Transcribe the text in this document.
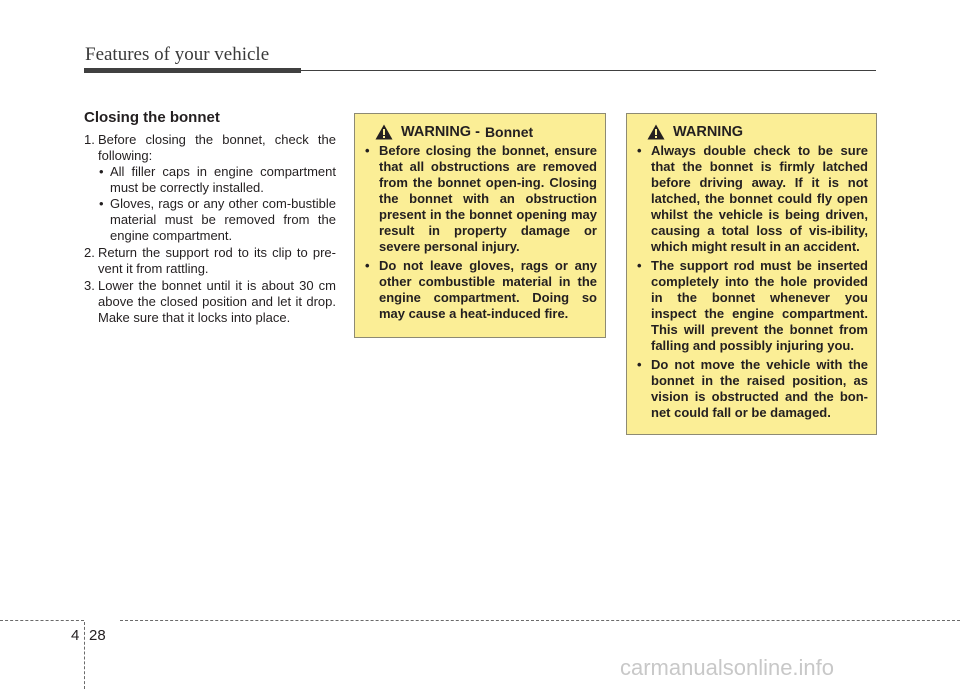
Features of your vehicle
Closing the bonnet
1. Before closing the bonnet, check the following:
• All filler caps in engine compartment must be correctly installed.
• Gloves, rags or any other com-bustible material must be removed from the engine compartment.
2. Return the support rod to its clip to pre-vent it from rattling.
3. Lower the bonnet until it is about 30 cm above the closed position and let it drop. Make sure that it locks into place.
WARNING - Bonnet
• Before closing the bonnet, ensure that all obstructions are removed from the bonnet open-ing. Closing the bonnet with an obstruction present in the bonnet opening may result in property damage or severe personal injury.
• Do not leave gloves, rags or any other combustible material in the engine compartment. Doing so may cause a heat-induced fire.
WARNING
• Always double check to be sure that the bonnet is firmly latched before driving away. If it is not latched, the bonnet could fly open whilst the vehicle is being driven, causing a total loss of vis-ibility, which might result in an accident.
• The support rod must be inserted completely into the hole provided in the bonnet whenever you inspect the engine compartment. This will prevent the bonnet from falling and possibly injuring you.
• Do not move the vehicle with the bonnet in the raised position, as vision is obstructed and the bon-net could fall or be damaged.
4 28
carmanualsonline.info
